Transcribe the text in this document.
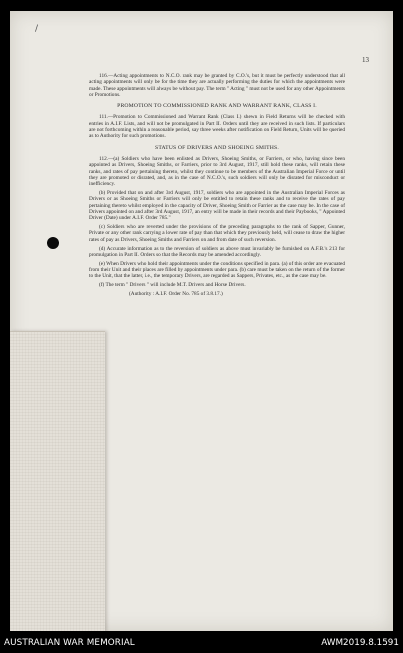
/
13

116.—Acting appointments to N.C.O. rank may be granted by C.O.'s, but it must be perfectly understood that all acting appointments will only be for the time they are actually performing the duties for which the appointments were made. These appointments will always be without pay. The term " Acting " must not be used for any other Appointments or Promotions.

PROMOTION TO COMMISSIONED RANK AND WARRANT RANK, CLASS I.

111.—Promotion to Commissioned and Warrant Rank (Class I.) shewn in Field Returns will be checked with entries in A.I.F. Lists, and will not be promulgated in Part II. Orders until they are received in such lists. If particulars are not forthcoming within a reasonable period, say three weeks after notification on Field Return, Units will be queried as to Authority for such promotions.

STATUS OF DRIVERS AND SHOEING SMITHS.

112.—(a) Soldiers who have been enlisted as Drivers, Shoeing Smiths, or Farriers, or who, having since been appointed as Drivers, Shoeing Smiths, or Farriers, prior to 3rd August, 1917, still hold these ranks, will retain these ranks, and rates of pay pertaining thereto, whilst they continue to be members of the Australian Imperial Force or until they are promoted or disrated, and, as in the case of N.C.O.'s, such soldiers will only be disrated for misconduct or inefficiency.

(b) Provided that on and after 3rd August, 1917, soldiers who are appointed in the Australian Imperial Forces as Drivers or as Shoeing Smiths or Farriers will only be entitled to retain these ranks and to receive the rates of pay pertaining thereto whilst employed in the capacity of Driver, Shoeing Smith or Farrier as the case may be. In the case of Drivers appointed on and after 3rd August, 1917, an entry will be made in their records and their Paybooks, " Appointed Driver (Date) under A.I.F. Order 785."

(c) Soldiers who are reverted under the provisions of the preceding paragraphs to the rank of Sapper, Gunner, Private or any other rank carrying a lower rate of pay than that which they previously held, will cease to draw the higher rates of pay as Drivers, Shoeing Smiths and Farriers on and from date of such reversion.

(d) Accurate information as to the reversion of soldiers as above must invariably be furnished on A.F.B.'s 213 for promulgation in Part II. Orders so that the Records may be amended accordingly.

(e) When Drivers who hold their appointments under the conditions specified in para. (a) of this order are evacuated from their Unit and their places are filled by appointments under para. (b) care must be taken on the return of the former to the Unit, that the latter, i.e., the temporary Drivers, are regarded as Sappers, Privates, etc., as the case may be.

(f) The term " Drivers " will include M.T. Drivers and Horse Drivers.

(Authority : A.I.F. Order No. 785 of 3.8.17.)

AUSTRALIAN WAR MEMORIAL	AWM2019.8.1591
